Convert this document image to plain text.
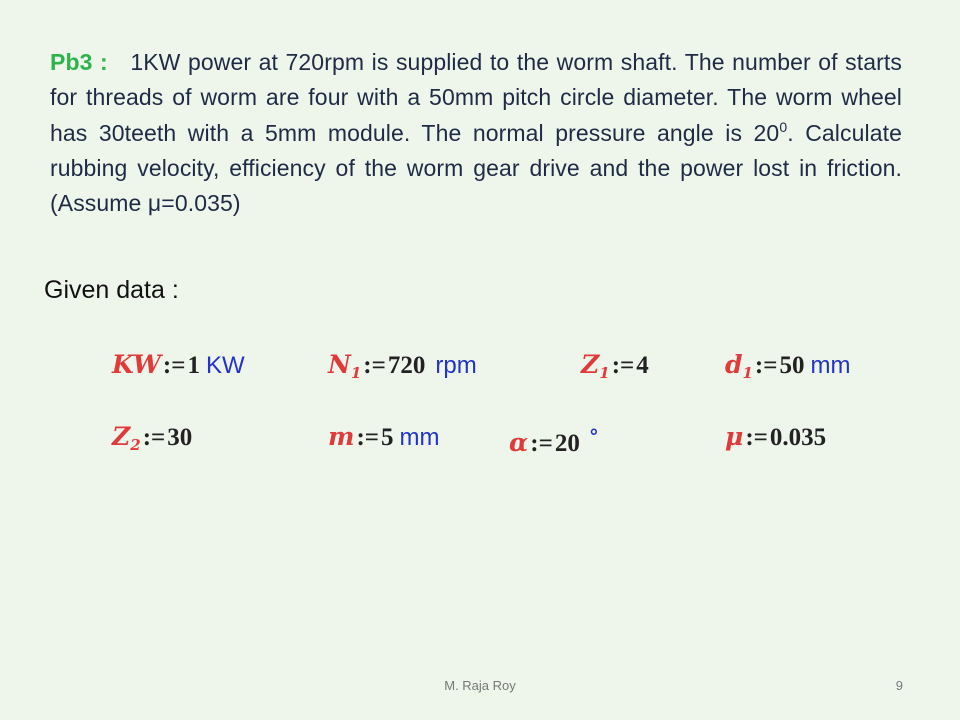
Pb3 : 1KW power at 720rpm is supplied to the worm shaft. The number of starts for threads of worm are four with a 50mm pitch circle diameter. The worm wheel has 30teeth with a 5mm module. The normal pressure angle is $20^0$. Calculate rubbing velocity, efficiency of the worm gear drive and the power lost in friction. (Assume μ=0.035)
Given data :
KW:=1 KW	$N_1:=720$ rpm	$Z_1:=4$	$d_1:=50$ mm
$Z_2:=30$	m:=5 mm	α:=20 °	μ:=0.035
M. Raja Roy	9
